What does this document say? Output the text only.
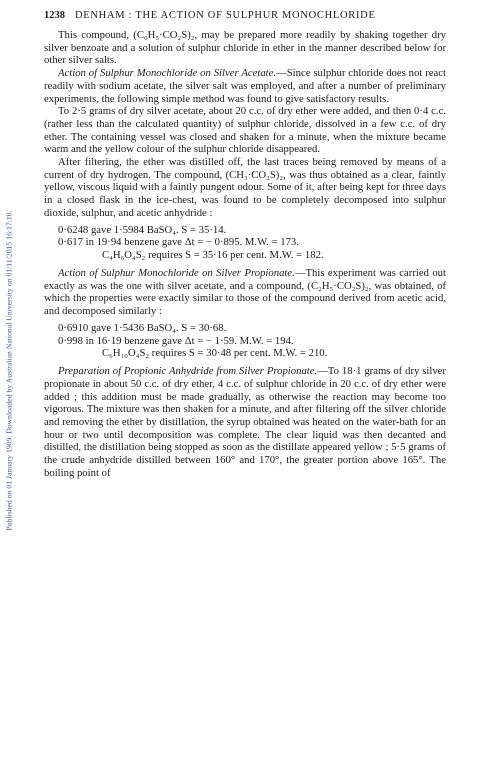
Published on 01 January 1909. Downloaded by Australian National University on 01/11/2015 16:17:10.
1238 DENHAM : THE ACTION OF SULPHUR MONOCHLORIDE

This compound, (C₆H₅·CO₂S)₂, may be prepared more readily by shaking together dry silver benzoate and a solution of sulphur chloride in ether in the manner described below for other silver salts.

Action of Sulphur Monochloride on Silver Acetate.—Since sulphur chloride does not react readily with sodium acetate, the silver salt was employed, and after a number of preliminary experiments, the following simple method was found to give satisfactory results.

To 2·5 grams of dry silver acetate, about 20 c.c. of dry ether were added, and then 0·4 c.c. (rather less than the calculated quantity) of sulphur chloride, dissolved in a few c.c. of dry ether. The containing vessel was closed and shaken for a minute, when the mixture became warm and the yellow colour of the sulphur chloride disappeared.

After filtering, the ether was distilled off, the last traces being removed by means of a current of dry hydrogen. The compound, (CH₃·CO₂S)₂, was thus obtained as a clear, faintly yellow, viscous liquid with a faintly pungent odour. Some of it, after being kept for three days in a closed flask in the ice-chest, was found to be completely decomposed into sulphur dioxide, sulphur, and acetic anhydride :

0·6248 gave 1·5984 BaSO₄. S = 35·14.
0·617 in 19·94 benzene gave Δt = − 0·895. M.W. = 173.
C₄H₆O₄S₂ requires S = 35·16 per cent. M.W. = 182.

Action of Sulphur Monochloride on Silver Propionate.—This experiment was carried out exactly as was the one with silver acetate, and a compound, (C₂H₅·CO₂S)₂, was obtained, of which the properties were exactly similar to those of the compound derived from acetic acid, and decomposed similarly :

0·6910 gave 1·5436 BaSO₄. S = 30·68.
0·998 in 16·19 benzene gave Δt = − 1·59. M.W. = 194.
C₆H₁₀O₄S₂ requires S = 30·48 per cent. M.W. = 210.

Preparation of Propionic Anhydride from Silver Propionate.—To 18·1 grams of dry silver propionate in about 50 c.c. of dry ether, 4 c.c. of sulphur chloride in 20 c.c. of dry ether were added ; this addition must be made gradually, as otherwise the reaction may become too vigorous. The mixture was then shaken for a minute, and after filtering off the silver chloride and removing the ether by distillation, the syrup obtained was heated on the water-bath for an hour or two until decomposition was complete. The clear liquid was then decanted and distilled, the distillation being stopped as soon as the distillate appeared yellow ; 5·5 grams of the crude anhydride distilled between 160° and 170°, the greater portion above 165°. The boiling point of
